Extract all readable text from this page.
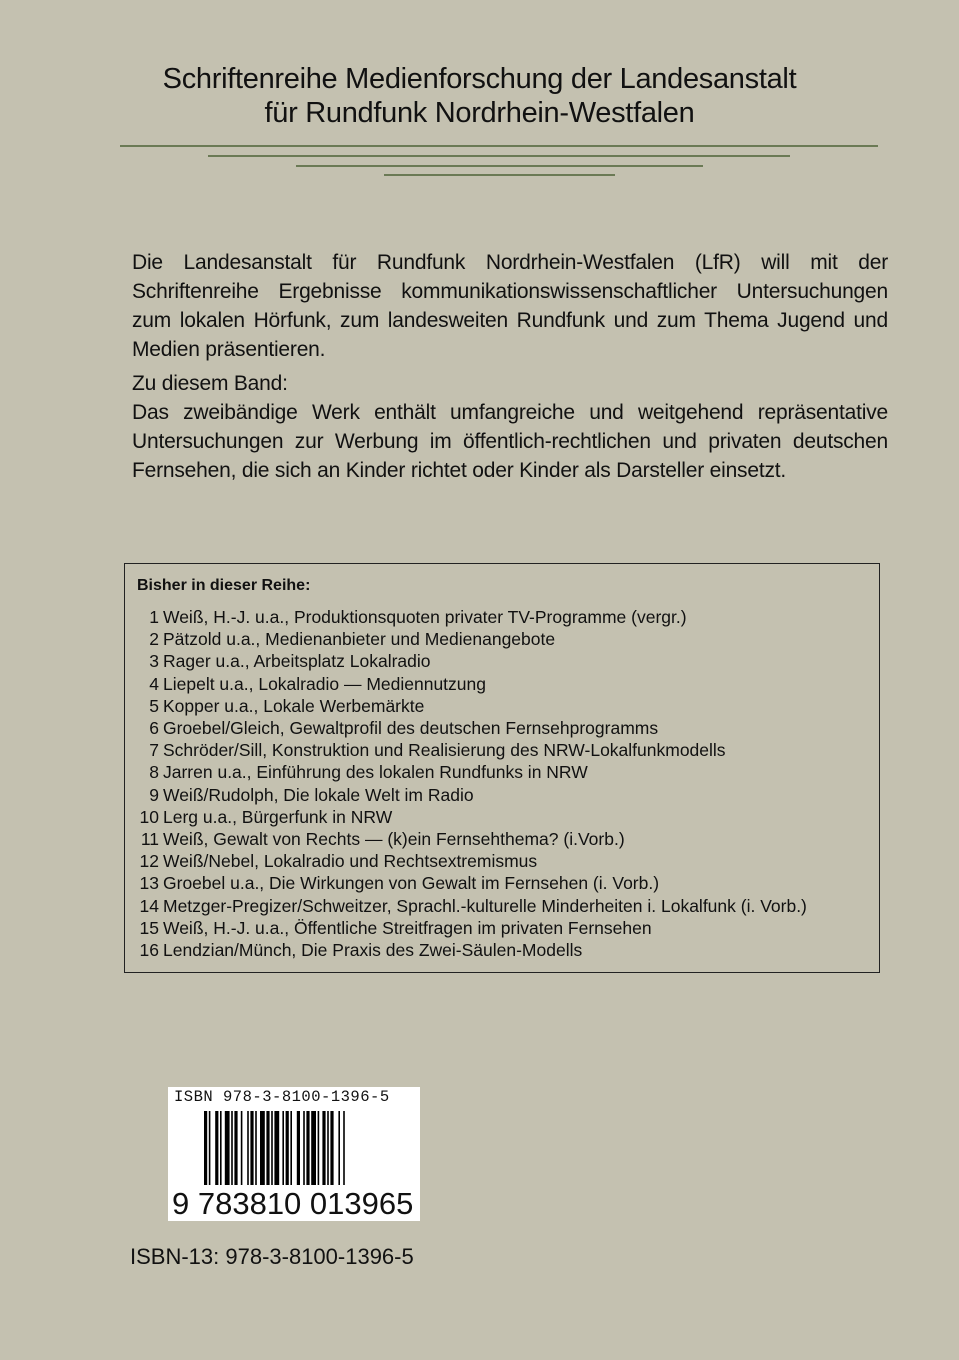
Schriftenreihe Medienforschung der Landesanstalt
für Rundfunk Nordrhein-Westfalen

Die Landesanstalt für Rundfunk Nordrhein-Westfalen (LfR) will mit der Schriftenreihe Ergebnisse kommunikationswissenschaftlicher Untersuchungen zum lokalen Hörfunk, zum landesweiten Rundfunk und zum Thema Jugend und Medien präsentieren.

Zu diesem Band:

Das zweibändige Werk enthält umfangreiche und weitgehend repräsentative Untersuchungen zur Werbung im öffentlich-rechtlichen und privaten deutschen Fernsehen, die sich an Kinder richtet oder Kinder als Darsteller einsetzt.

Bisher in dieser Reihe:
1 Weiß, H.-J. u.a., Produktionsquoten privater TV-Programme (vergr.)
2 Pätzold u.a., Medienanbieter und Medienangebote
3 Rager u.a., Arbeitsplatz Lokalradio
4 Liepelt u.a., Lokalradio — Mediennutzung
5 Kopper u.a., Lokale Werbemärkte
6 Groebel/Gleich, Gewaltprofil des deutschen Fernsehprogramms
7 Schröder/Sill, Konstruktion und Realisierung des NRW-Lokalfunkmodells
8 Jarren u.a., Einführung des lokalen Rundfunks in NRW
9 Weiß/Rudolph, Die lokale Welt im Radio
10 Lerg u.a., Bürgerfunk in NRW
11 Weiß, Gewalt von Rechts — (k)ein Fernsehthema? (i.Vorb.)
12 Weiß/Nebel, Lokalradio und Rechtsextremismus
13 Groebel u.a., Die Wirkungen von Gewalt im Fernsehen (i. Vorb.)
14 Metzger-Pregizer/Schweitzer, Sprachl.-kulturelle Minderheiten i. Lokalfunk (i. Vorb.)
15 Weiß, H.-J. u.a., Öffentliche Streitfragen im privaten Fernsehen
16 Lendzian/Münch, Die Praxis des Zwei-Säulen-Modells
ISBN 978-3-8100-1396-5
9 783810 013965
ISBN-13: 978-3-8100-1396-5
